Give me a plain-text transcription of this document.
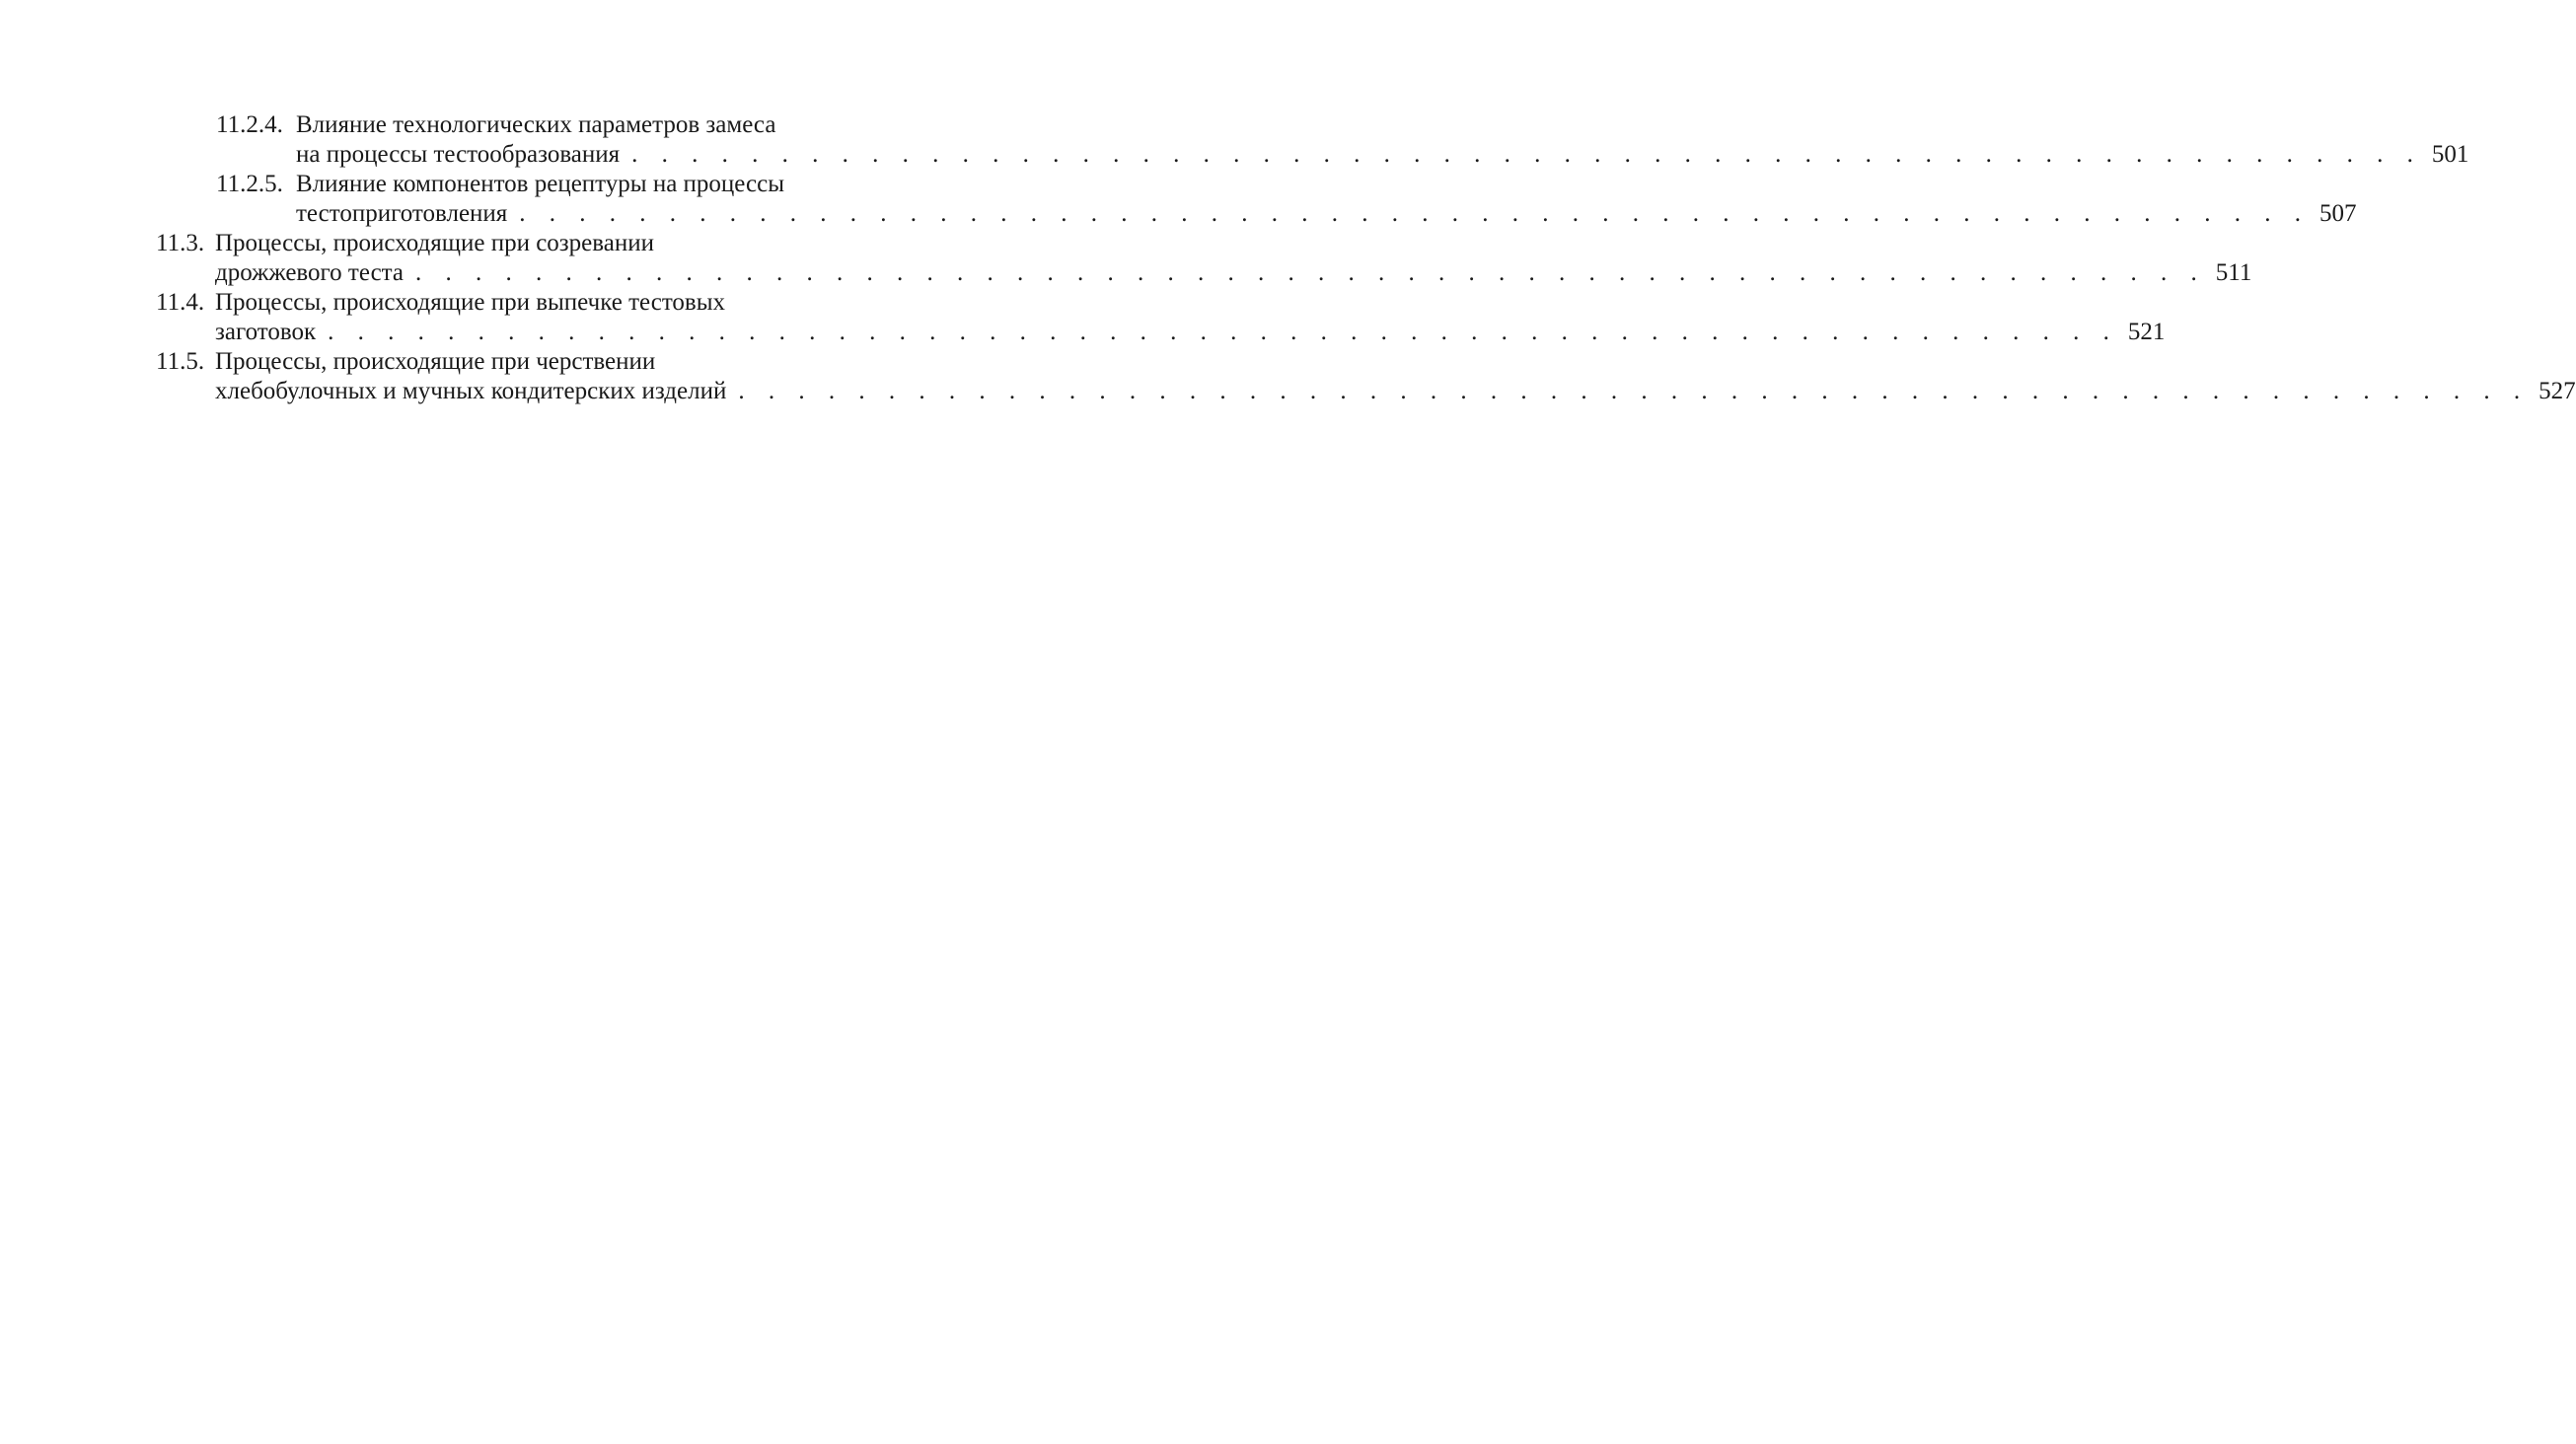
11.2.4. Влияние технологических параметров замеса
на процессы тестообразования . . . . . . . . . . . . . . . . . . . . . . . . . . . . . . . . . . . . . . . . . . . . . . . . . . . . . . . . . . . . 501
11.2.5. Влияние компонентов рецептуры на процессы
тестоприготовления . . . . . . . . . . . . . . . . . . . . . . . . . . . . . . . . . . . . . . . . . . . . . . . . . . . . . . . . . . . . 507
11.3. Процессы, происходящие при созревании
дрожжевого теста . . . . . . . . . . . . . . . . . . . . . . . . . . . . . . . . . . . . . . . . . . . . . . . . . . . . . . . . . . . . 511
11.4. Процессы, происходящие при выпечке тестовых
заготовок . . . . . . . . . . . . . . . . . . . . . . . . . . . . . . . . . . . . . . . . . . . . . . . . . . . . . . . . . . . . 521
11.5. Процессы, происходящие при черствении
хлебобулочных и мучных кондитерских изделий . . . . . . . . . . . . . . . . . . . . . . . . . . . . . . . . . . . . . . . . . . . . . . . . . . . . . . . . . . . . 527
